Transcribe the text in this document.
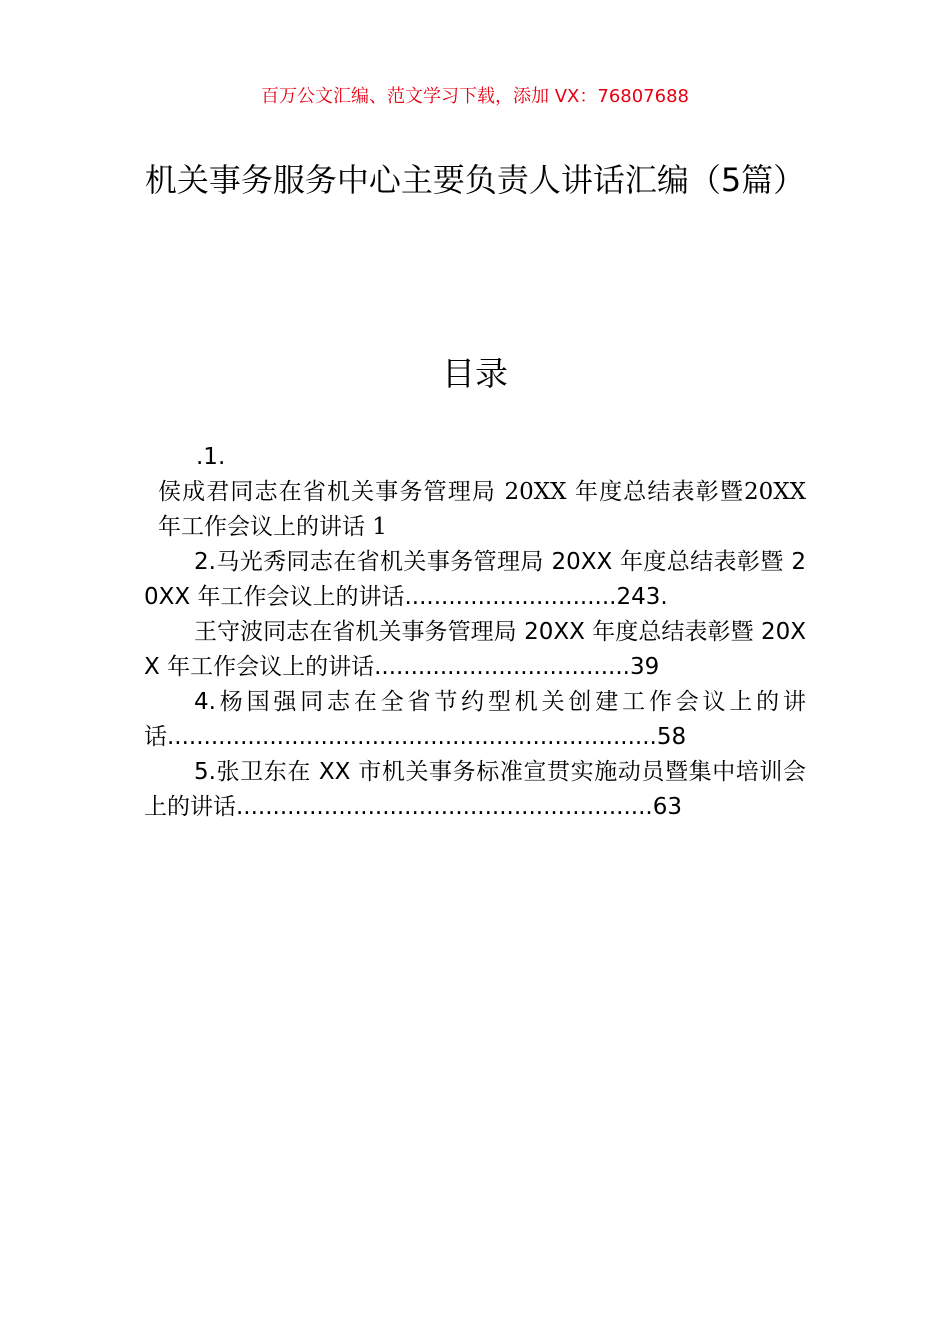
百万公文汇编、范文学习下载，添加 VX：76807688
机关事务服务中心主要负责人讲话汇编（5篇）
目录
.1.
侯成君同志在省机关事务管理局 20XX 年度总结表彰暨20XX 年工作会议上的讲话 1
2.马光秀同志在省机关事务管理局 20XX 年度总结表彰暨 20XX 年工作会议上的讲话.............................243.
王守波同志在省机关事务管理局 20XX 年度总结表彰暨 20XX 年工作会议上的讲话...................................39
4.杨国强同志在全省节约型机关创建工作会议上的讲话...................................................................58
5.张卫东在 XX 市机关事务标准宣贯实施动员暨集中培训会上的讲话.........................................................63
